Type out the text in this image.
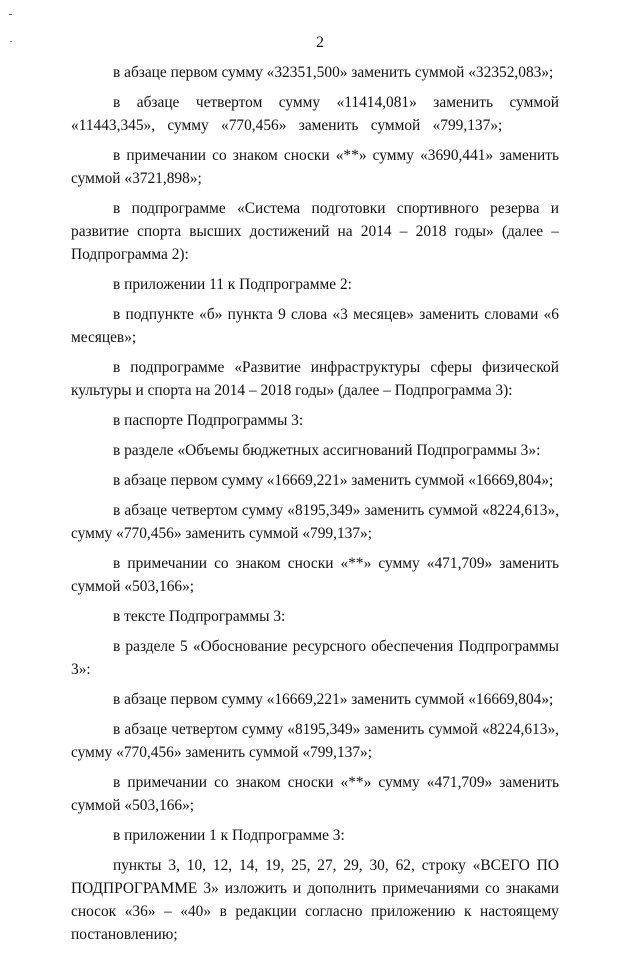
2

в абзаце первом сумму «32351,500» заменить суммой «32352,083»;

в абзаце четвертом сумму «11414,081» заменить суммой «11443,345», сумму «770,456» заменить суммой «799,137»;

в примечании со знаком сноски «**» сумму «3690,441» заменить суммой «3721,898»;

в подпрограмме «Система подготовки спортивного резерва и развитие спорта высших достижений на 2014 – 2018 годы» (далее – Подпрограмма 2):

в приложении 11 к Подпрограмме 2:

в подпункте «б» пункта 9 слова «3 месяцев» заменить словами «6 месяцев»;

в подпрограмме «Развитие инфраструктуры сферы физической культуры и спорта на 2014 – 2018 годы» (далее – Подпрограмма 3):

в паспорте Подпрограммы 3:

в разделе «Объемы бюджетных ассигнований Подпрограммы 3»:

в абзаце первом сумму «16669,221» заменить суммой «16669,804»;

в абзаце четвертом сумму «8195,349» заменить суммой «8224,613», сумму «770,456» заменить суммой «799,137»;

в примечании со знаком сноски «**» сумму «471,709» заменить суммой «503,166»;

в тексте Подпрограммы 3:

в разделе 5 «Обоснование ресурсного обеспечения Подпрограммы 3»:

в абзаце первом сумму «16669,221» заменить суммой «16669,804»;

в абзаце четвертом сумму «8195,349» заменить суммой «8224,613», сумму «770,456» заменить суммой «799,137»;

в примечании со знаком сноски «**» сумму «471,709» заменить суммой «503,166»;

в приложении 1 к Подпрограмме 3:

пункты 3, 10, 12, 14, 19, 25, 27, 29, 30, 62, строку «ВСЕГО ПО ПОДПРОГРАММЕ 3» изложить и дополнить примечаниями со знаками сносок «36» – «40» в редакции согласно приложению к настоящему постановлению;
